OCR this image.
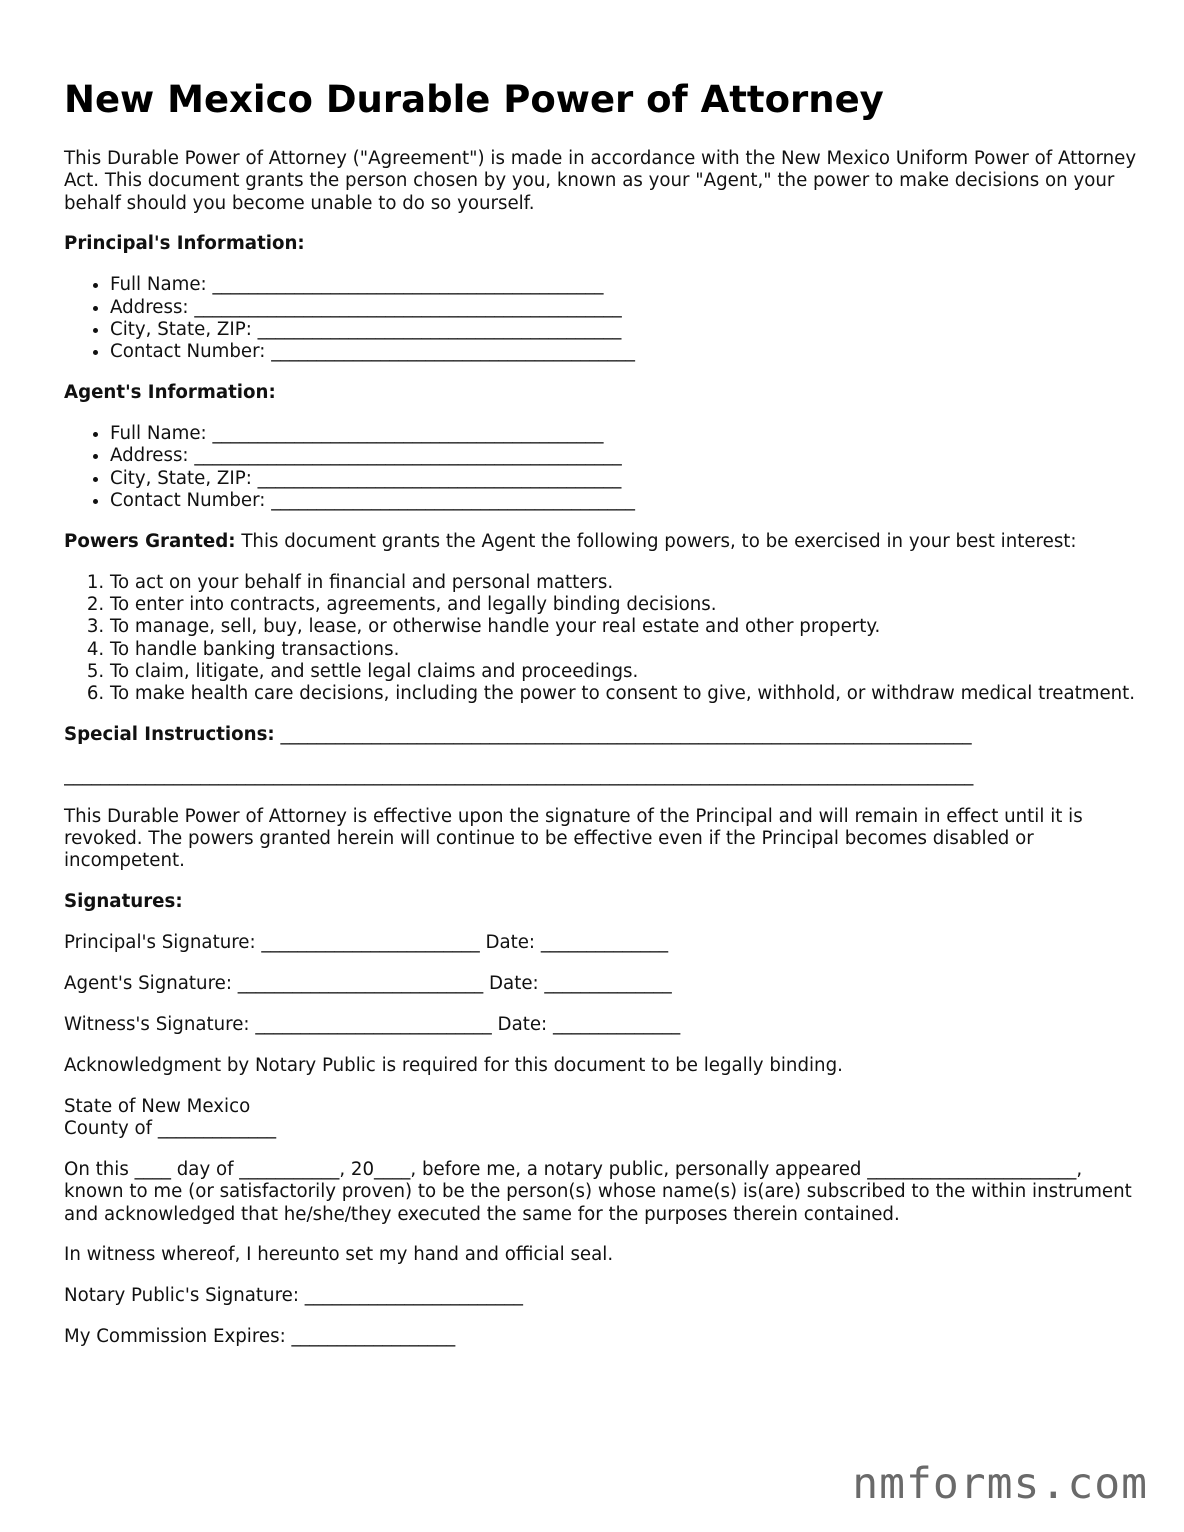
New Mexico Durable Power of Attorney

This Durable Power of Attorney ("Agreement") is made in accordance with the New Mexico Uniform Power of Attorney Act. This document grants the person chosen by you, known as your "Agent," the power to make decisions on your behalf should you become unable to do so yourself.

Principal's Information:

• Full Name: ___________________________________________
• Address: _______________________________________________
• City, State, ZIP: ________________________________________
• Contact Number: ________________________________________

Agent's Information:

• Full Name: ___________________________________________
• Address: _______________________________________________
• City, State, ZIP: ________________________________________
• Contact Number: ________________________________________

Powers Granted: This document grants the Agent the following powers, to be exercised in your best interest:

1. To act on your behalf in financial and personal matters.
2. To enter into contracts, agreements, and legally binding decisions.
3. To manage, sell, buy, lease, or otherwise handle your real estate and other property.
4. To handle banking transactions.
5. To claim, litigate, and settle legal claims and proceedings.
6. To make health care decisions, including the power to consent to give, withhold, or withdraw medical treatment.

Special Instructions: ____________________________________________________________________________

____________________________________________________________________________________________________

This Durable Power of Attorney is effective upon the signature of the Principal and will remain in effect until it is revoked. The powers granted herein will continue to be effective even if the Principal becomes disabled or incompetent.

Signatures:

Principal's Signature: ________________________ Date: ______________

Agent's Signature: ___________________________ Date: ______________

Witness's Signature: __________________________ Date: ______________

Acknowledgment by Notary Public is required for this document to be legally binding.

State of New Mexico
County of _____________

On this ____ day of ___________, 20____, before me, a notary public, personally appeared _______________________, known to me (or satisfactorily proven) to be the person(s) whose name(s) is(are) subscribed to the within instrument and acknowledged that he/she/they executed the same for the purposes therein contained.

In witness whereof, I hereunto set my hand and official seal.

Notary Public's Signature: ________________________

My Commission Expires: __________________

nmforms.com
